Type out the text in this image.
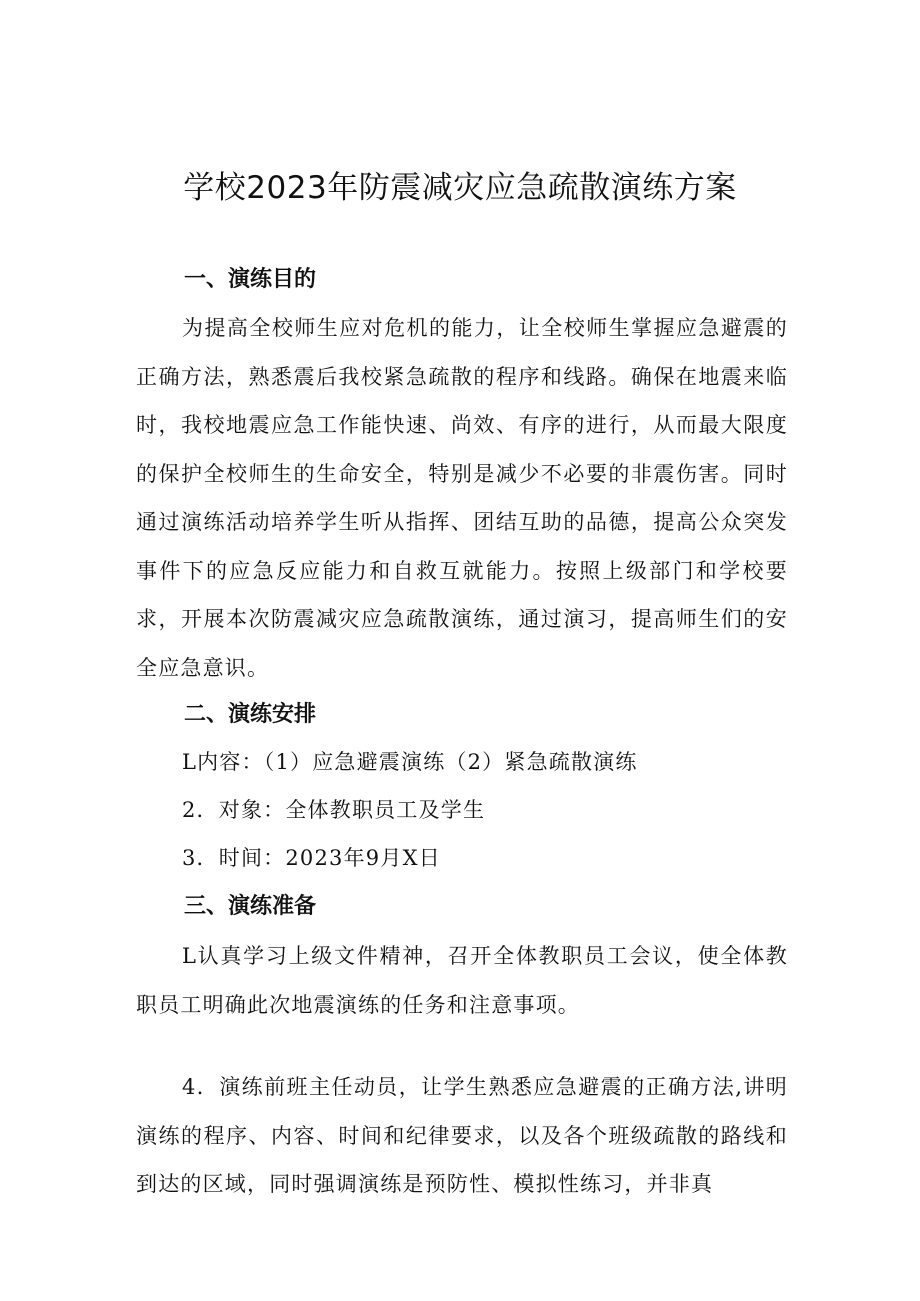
学校2023年防震减灾应急疏散演练方案
一、演练目的
为提高全校师生应对危机的能力，让全校师生掌握应急避震的正确方法，熟悉震后我校紧急疏散的程序和线路。确保在地震来临时，我校地震应急工作能快速、尚效、有序的进行，从而最大限度的保护全校师生的生命安全，特别是减少不必要的非震伤害。同时通过演练活动培养学生听从指挥、团结互助的品德，提高公众突发事件下的应急反应能力和自救互就能力。按照上级部门和学校要求，开展本次防震减灾应急疏散演练，通过演习，提高师生们的安全应急意识。
二、演练安排
L内容：（1）应急避震演练（2）紧急疏散演练
2．对象：全体教职员工及学生
3．时间：2023年9月X日
三、演练准备
L认真学习上级文件精神，召开全体教职员工会议，使全体教职员工明确此次地震演练的任务和注意事项。
4．演练前班主任动员，让学生熟悉应急避震的正确方法,讲明演练的程序、内容、时间和纪律要求，以及各个班级疏散的路线和到达的区域，同时强调演练是预防性、模拟性练习，并非真
